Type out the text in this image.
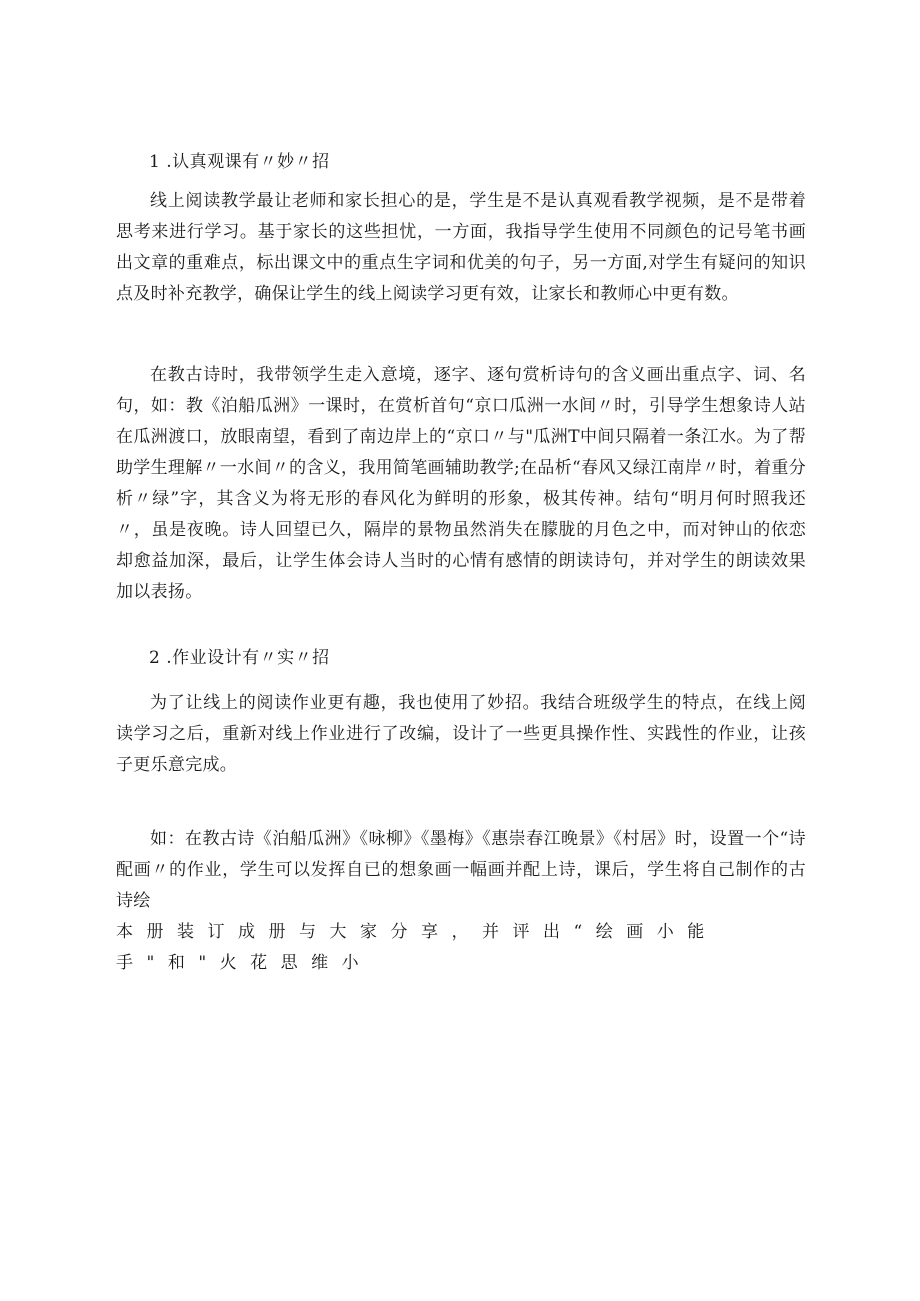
1 .认真观课有〃妙〃招

线上阅读教学最让老师和家长担心的是，学生是不是认真观看教学视频，是不是带着思考来进行学习。基于家长的这些担忧，一方面，我指导学生使用不同颜色的记号笔书画出文章的重难点，标出课文中的重点生字词和优美的句子，另一方面,对学生有疑问的知识点及时补充教学，确保让学生的线上阅读学习更有效，让家长和教师心中更有数。

在教古诗时，我带领学生走入意境，逐字、逐句赏析诗句的含义画出重点字、词、名句，如：教《泊船瓜洲》一课时，在赏析首句“京口瓜洲一水间〃时，引导学生想象诗人站在瓜洲渡口，放眼南望，看到了南边岸上的“京口〃与"瓜洲T中间只隔着一条江水。为了帮助学生理解〃一水间〃的含义，我用简笔画辅助教学;在品析“春风又绿江南岸〃时，着重分析〃绿”字，其含义为将无形的春风化为鲜明的形象，极其传神。结句“明月何时照我还〃，虽是夜晚。诗人回望已久，隔岸的景物虽然消失在朦胧的月色之中，而对钟山的依恋却愈益加深，最后，让学生体会诗人当时的心情有感情的朗读诗句，并对学生的朗读效果加以表扬。

2 .作业设计有〃实〃招

为了让线上的阅读作业更有趣，我也使用了妙招。我结合班级学生的特点，在线上阅读学习之后，重新对线上作业进行了改编，设计了一些更具操作性、实践性的作业，让孩子更乐意完成。

如：在教古诗《泊船瓜洲》《咏柳》《墨梅》《惠崇春江晚景》《村居》时，设置一个“诗配画〃的作业，学生可以发挥自已的想象画一幅画并配上诗，课后，学生将自己制作的古诗绘

本册装订成册与大家分享，并评出“绘画小能手"和"火花思维小
